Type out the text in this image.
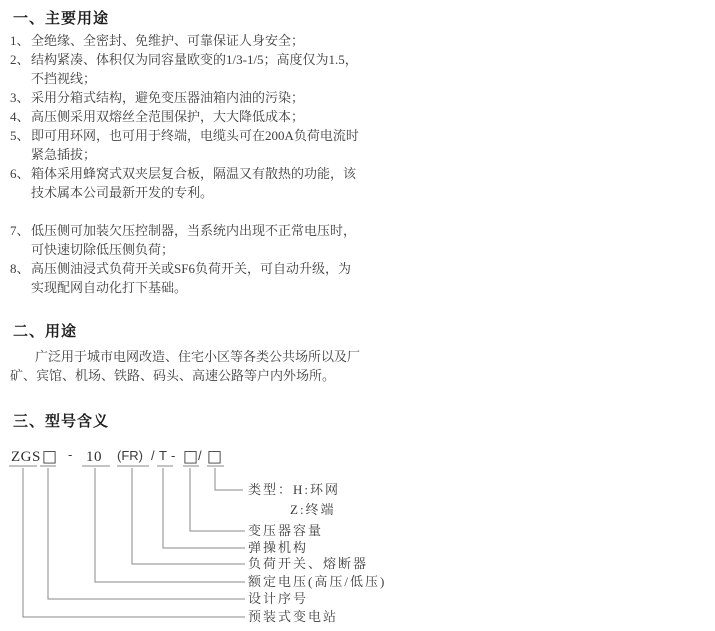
一、主要用途
1、 全绝缘、全密封、免维护、可靠保证人身安全；
2、 结构紧凑、体积仅为同容量欧变的1/3-1/5；高度仅为1.5，
不挡视线；
3、 采用分箱式结构，避免变压器油箱内油的污染；
4、 高压侧采用双熔丝全范围保护，大大降低成本；
5、 即可用环网，也可用于终端，电缆头可在200A负荷电流时
紧急插拔；
6、 箱体采用蜂窝式双夹层复合板，隔温又有散热的功能，该
技术属本公司最新开发的专利。
7、 低压侧可加装欠压控制器，当系统内出现不正常电压时，
可快速切除低压侧负荷；
8、 高压侧油浸式负荷开关或SF6负荷开关，可自动升级，为
实现配网自动化打下基础。
二、用途
广泛用于城市电网改造、住宅小区等各类公共场所以及厂
矿、宾馆、机场、铁路、码头、高速公路等户内外场所。
三、型号含义
ZGS □ - 10 (FR) / T - □ / □
类型：H:环网
Z:终端
变压器容量
弹操机构
负荷开关、熔断器
额定电压(高压/低压)
设计序号
预装式变电站
